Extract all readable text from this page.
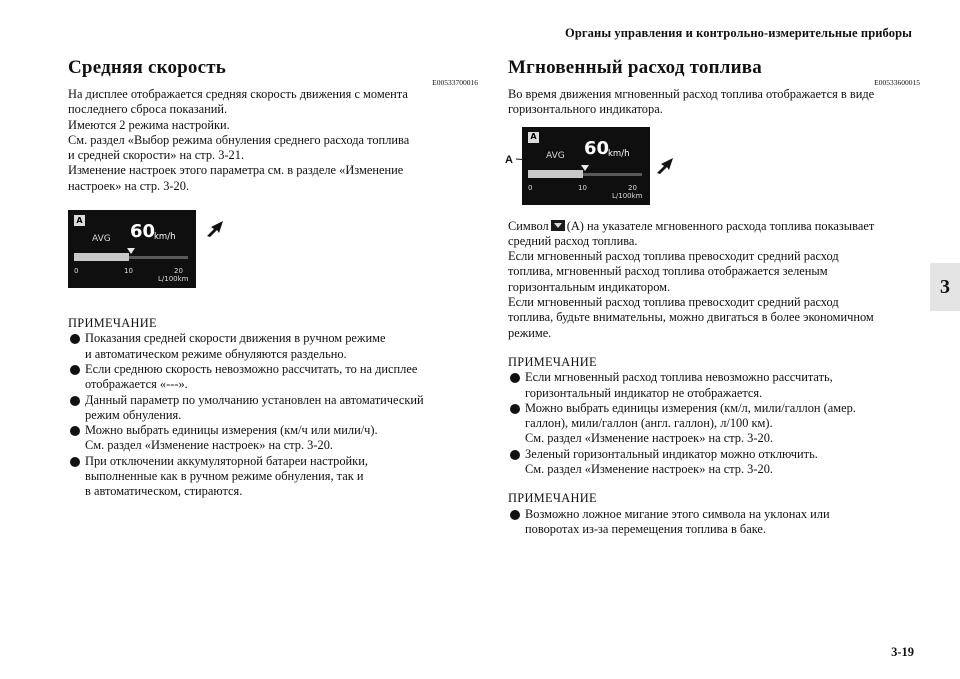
Органы управления и контрольно-измерительные приборы
3
3-19
Средняя скорость
E00533700016

На дисплее отображается средняя скорость движения с момента

последнего сброса показаний.

Имеются 2 режима настройки.

См. раздел «Выбор режима обнуления среднего расхода топлива

и средней скорости» на стр. 3-21.

Изменение настроек этого параметра см. в разделе «Изменение

настроек» на стр. 3-20.

A
AVG 60
km/h
0	10	20
L/100km
ПРИМЕЧАНИЕ
Показания средней скорости движения в ручном режиме
и автоматическом режиме обнуляются раздельно.
Если среднюю скорость невозможно рассчитать, то на дисплее
отображается «---».
Данный параметр по умолчанию установлен на автоматический
режим обнуления.
Можно выбрать единицы измерения (км/ч или мили/ч).
См. раздел «Изменение настроек» на стр. 3-20.
При отключении аккумуляторной батареи настройки,
выполненные как в ручном режиме обнуления, так и
в автоматическом, стираются.
Мгновенный расход топлива
E00533600015

Во время движения мгновенный расход топлива отображается в виде

горизонтального индикатора.

A
A
AVG 60
km/h
0	10	20
L/100km

Символ (A) на указателе мгновенного расхода топлива показывает

средний расход топлива.

Если мгновенный расход топлива превосходит средний расход

топлива, мгновенный расход топлива отображается зеленым

горизонтальным индикатором.

Если мгновенный расход топлива превосходит средний расход

топлива, будьте внимательны, можно двигаться в более экономичном

режиме.

ПРИМЕЧАНИЕ
Если мгновенный расход топлива невозможно рассчитать,
горизонтальный индикатор не отображается.
Можно выбрать единицы измерения (км/л, мили/галлон (амер.
галлон), мили/галлон (англ. галлон), л/100 км).
См. раздел «Изменение настроек» на стр. 3-20.
Зеленый горизонтальный индикатор можно отключить.
См. раздел «Изменение настроек» на стр. 3-20.
ПРИМЕЧАНИЕ
Возможно ложное мигание этого символа на уклонах или
поворотах из-за перемещения топлива в баке.
